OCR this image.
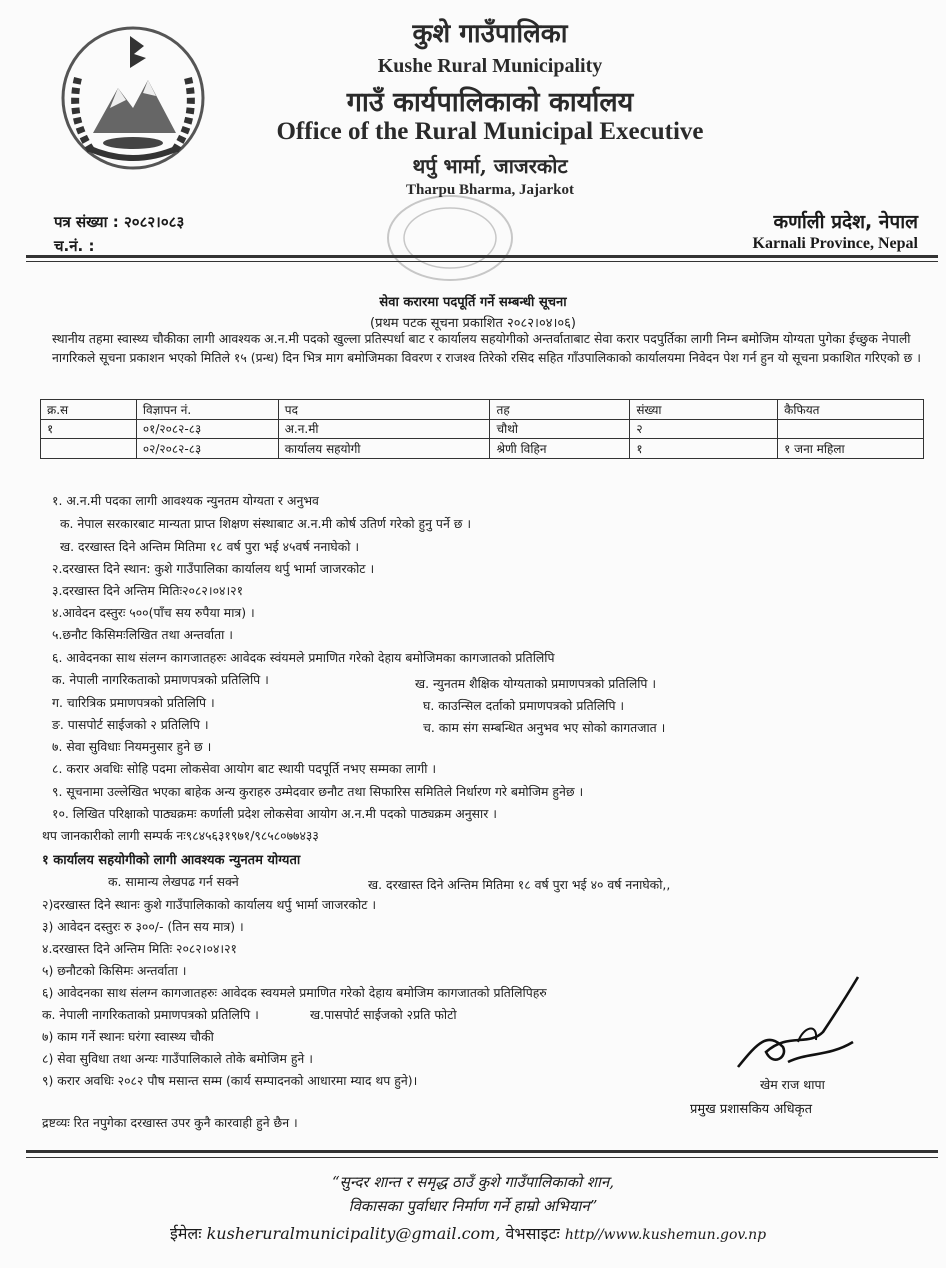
कुशे गाउँपालिका
Kushe Rural Municipality
गाउँ कार्यपालिकाको कार्यालय
Office of the Rural Municipal Executive
थर्पु भार्मा, जाजरकोट
Tharpu Bharma, Jajarkot
पत्र संख्या : २०८२।०८३
च.नं. :
कर्णाली प्रदेश, नेपाल
Karnali Province, Nepal
सेवा करारमा पदपूर्ति गर्ने सम्बन्धी सूचना
(प्रथम पटक सूचना प्रकाशित २०८२।०४।०६)
स्थानीय तहमा स्वास्थ्य चौकीका लागी आवश्यक अ.न.मी पदको खुल्ला प्रतिस्पर्धा बाट र कार्यालय सहयोगीको अन्तर्वाताबाट सेवा करार पदपुर्तिका लागी निम्न बमोजिम योग्यता पुगेका ईच्छुक नेपाली नागरिकले सूचना प्रकाशन भएको मितिले १५ (प्रन्ध) दिन भित्र माग बमोजिमका विवरण र राजश्व तिरेको रसिद सहित गाँउपालिकाको कार्यालयमा निवेदन पेश गर्न हुन यो सूचना प्रकाशित गरिएको छ ।
क्र.स	विज्ञापन नं.	पद	तह	संख्या	कैफियत
१	०१/२०८२-८३	अ.न.मी	चौथो	२	
	०२/२०८२-८३	कार्यालय सहयोगी	श्रेणी विहिन	१	१ जना महिला
१. अ.न.मी पदका लागी आवश्यक न्युनतम योग्यता र अनुभव
क. नेपाल सरकारबाट मान्यता प्राप्त शिक्षण संस्थाबाट अ.न.मी कोर्ष उतिर्ण गरेको हुनु पर्ने छ ।
ख. दरखास्त दिने अन्तिम मितिमा १८ वर्ष पुरा भई ४५वर्ष ननाघेको ।
२.दरखास्त दिने स्थान: कुशे गाउँपालिका कार्यालय थर्पु भार्मा जाजरकोट ।
३.दरखास्त दिने अन्तिम मितिः२०८२।०४।२१
४.आवेदन दस्तुरः ५००(पाँच सय रुपैया मात्र) ।
५.छनौट किसिमःलिखित तथा अन्तर्वाता ।
६. आवेदनका साथ संलग्न कागजातहरुः आवेदक स्वंयमले प्रमाणित गरेको देहाय बमोजिमका कागजातको प्रतिलिपि
क. नेपाली नागरिकताको प्रमाणपत्रको प्रतिलिपि ।	ख. न्युनतम शैक्षिक योग्यताको प्रमाणपत्रको प्रतिलिपि ।
ग. चारित्रिक प्रमाणपत्रको प्रतिलिपि ।	घ. काउन्सिल दर्ताको प्रमाणपत्रको प्रतिलिपि ।
ङ. पासपोर्ट साईजको २ प्रतिलिपि ।	च. काम संग सम्बन्धित अनुभव भए सोको कागतजात ।
७. सेवा सुविधाः नियमनुसार हुने छ ।
८. करार अवधिः सोहि पदमा लोकसेवा आयोग बाट स्थायी पदपूर्ति नभए सम्मका लागी ।
९. सूचनामा उल्लेखित भएका बाहेक अन्य कुराहरु उम्मेदवार छनौट तथा सिफारिस समितिले निर्धारण गरे बमोजिम हुनेछ ।
१०. लिखित परिक्षाको पाठ्यक्रमः कर्णाली प्रदेश लोकसेवा आयोग अ.न.मी पदको पाठ्यक्रम अनुसार ।
थप जानकारीको लागी सम्पर्क नः९८४५६३१९७१/९८५८०७७४३३
१ कार्यालय सहयोगीको लागी आवश्यक न्युनतम योग्यता
क. सामान्य लेखपढ गर्न सक्ने	ख. दरखास्त दिने अन्तिम मितिमा १८ वर्ष पुरा भई ४० वर्ष ननाघेको,,
२)दरखास्त दिने स्थानः कुशे गाउँपालिकाको कार्यालय थर्पु भार्मा जाजरकोट ।
३) आवेदन दस्तुरः रु ३००/- (तिन सय मात्र) ।
४.दरखास्त दिने अन्तिम मितिः २०८२।०४।२१
५) छनौटको किसिमः अन्तर्वाता ।
६) आवेदनका साथ संलग्न कागजातहरुः आवेदक स्वयमले प्रमाणित गरेको देहाय बमोजिम कागजातको प्रतिलिपिहरु
क. नेपाली नागरिकताको प्रमाणपत्रको प्रतिलिपि ।	ख.पासपोर्ट साईजको २प्रति फोटो
७) काम गर्ने स्थानः घरंगा स्वास्थ्य चौकी
८) सेवा सुविधा तथा अन्यः गाउँपालिकाले तोके बमोजिम हुने ।
९) करार अवधिः २०८२ पौष मसान्त सम्म (कार्य सम्पादनको आधारमा म्याद थप हुने)।
द्रष्टव्यः रित नपुगेका दरखास्त उपर कुनै कारवाही हुने छैन ।
खेम राज थापा
प्रमुख प्रशासकिय अधिकृत
“सुन्दर शान्त र समृद्ध ठाउँ कुशे गाउँपालिकाको शान,
विकासका पुर्वाधार निर्माण गर्ने हाम्रो अभियान”
ईमेलः kusheruralmunicipality@gmail.com, वेभसाइटः http//www.kushemun.gov.np
